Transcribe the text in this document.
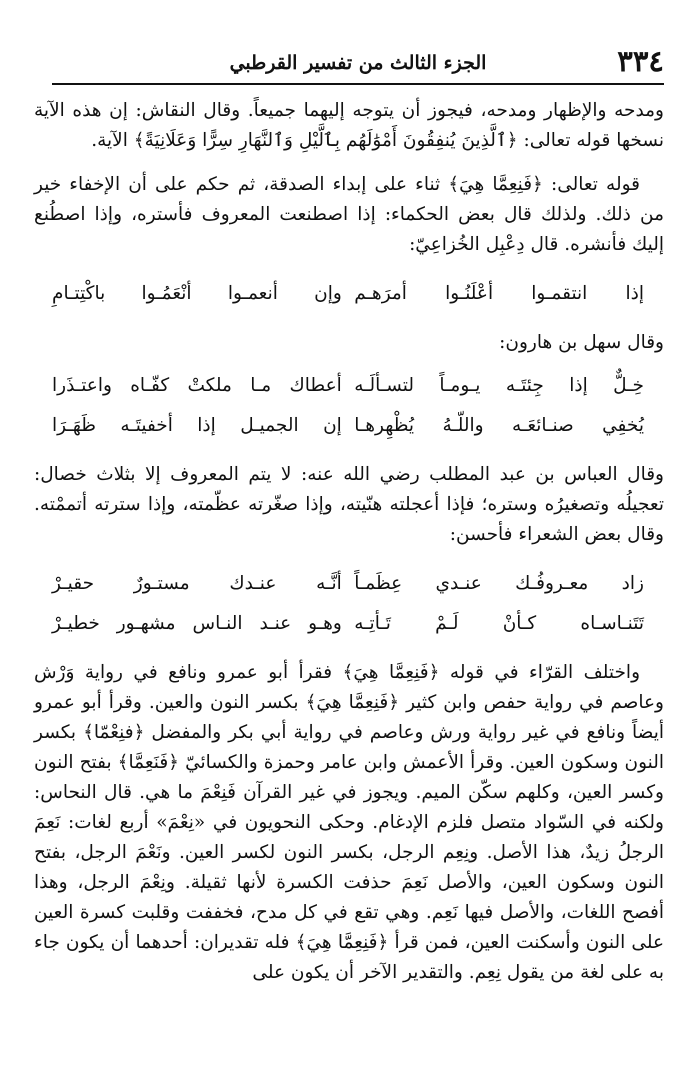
٣٣٤
الجزء الثالث من تفسير القرطبي

ومدحه والإظهار ومدحه، فيجوز أن يتوجه إليهما جميعاً. وقال النقاش: إن هذه الآية نسخها قوله تعالى: ﴿ٱلَّذِينَ يُنفِقُونَ أَمْوَٰلَهُم بِٱلَّيْلِ وَٱلنَّهَارِ سِرًّا وَعَلَانِيَةً﴾ الآية.

قوله تعالى: ﴿فَنِعِمَّا هِيَ﴾ ثناء على إبداء الصدقة، ثم حكم على أن الإخفاء خير من ذلك. ولذلك قال بعض الحكماء: إذا اصطنعت المعروف فأستره، وإذا اصطُنع إليك فأنشره. قال دِعْبِل الخُزاعِيّ:

إذا انتقمـوا أعْلَنُـوا أمرَهـم
وإن أنعمـوا أنْعَمُـوا باكْتِتـامِ

وقال سهل بن هارون:

خِـلٌّ إذا جِئتَـه يـومـاً لتسـألَـه
أعطاك مـا ملكتْ كفّـاه واعتـذَرا
يُخفِي صنـائعَـه واللّـهُ يُظْهِرهـا
إن الجميـل إذا أخفيتَـه ظَهَـرَا

وقال العباس بن عبد المطلب رضي الله عنه: لا يتم المعروف إلا بثلاث خصال: تعجيلُه وتصغيرُه وستره؛ فإذا أعجلته هنّيته، وإذا صغّرته عظّمته، وإذا سترته أتممْته. وقال بعض الشعراء فأحسن:

زاد معـروفُـك عنـدي عِظَمـاً
أنَّـه عنـدك مستـورٌ حقيـرْ
تَتَنـاسـاه كـأنْ لَـمْ تَـأتِـه
وهـو عنـد النـاس مشهـور خطيـرْ

واختلف القرّاء في قوله ﴿فَنِعِمَّا هِيَ﴾ فقرأ أبو عمرو ونافع في رواية وَرْش وعاصم في رواية حفص وابن كثير ﴿فَنِعِمَّا هِيَ﴾ بكسر النون والعين. وقرأ أبو عمرو أيضاً ونافع في غير رواية ورش وعاصم في رواية أبي بكر والمفضل ﴿فنِعْمّا﴾ بكسر النون وسكون العين. وقرأ الأعمش وابن عامر وحمزة والكسائيّ ﴿فَنَعِمَّا﴾ بفتح النون وكسر العين، وكلهم سكّن الميم. ويجوز في غير القرآن فَنِعْمَ ما هي. قال النحاس: ولكنه في السّواد متصل فلزم الإدغام. وحكى النحويون في «نِعْمَ» أربع لغات: نَعِمَ الرجلُ زيدٌ، هذا الأصل. ونِعِم الرجل، بكسر النون لكسر العين. ونَعْمَ الرجل، بفتح النون وسكون العين، والأصل نَعِمَ حذفت الكسرة لأنها ثقيلة. ونِعْمَ الرجل، وهذا أفصح اللغات، والأصل فيها نَعِم. وهي تقع في كل مدح، فخففت وقلبت كسرة العين على النون وأسكنت العين، فمن قرأ ﴿فَنِعِمَّا هِيَ﴾ فله تقديران: أحدهما أن يكون جاء به على لغة من يقول نِعِم. والتقدير الآخر أن يكون على
